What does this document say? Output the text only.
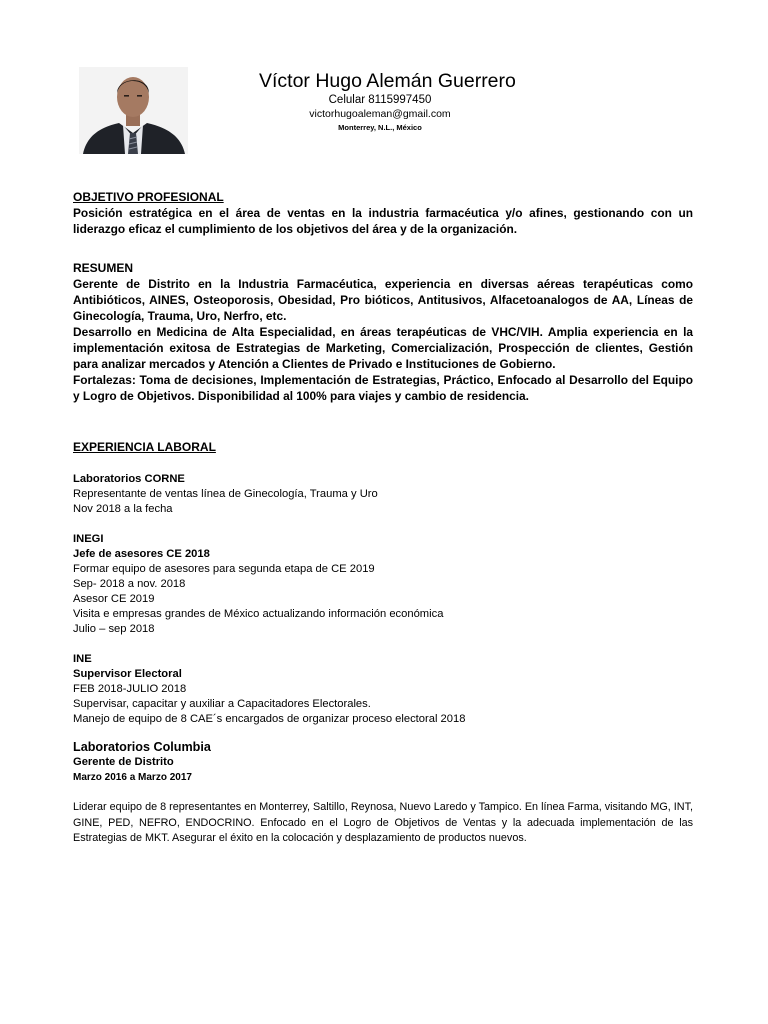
Víctor Hugo Alemán Guerrero
Celular 8115997450
victorhugoaleman@gmail.com
Monterrey, N.L., México
OBJETIVO PROFESIONAL

Posición estratégica en el área de ventas en la industria farmacéutica y/o afines, gestionando con un liderazgo eficaz el cumplimiento de los objetivos del área y de la organización.

RESUMEN

Gerente de Distrito en la Industria Farmacéutica, experiencia en diversas aéreas terapéuticas como Antibióticos, AINES, Osteoporosis, Obesidad, Pro bióticos, Antitusivos, Alfacetoanalogos de AA, Líneas de Ginecología, Trauma, Uro, Nerfro, etc.

Desarrollo en Medicina de Alta Especialidad, en áreas terapéuticas de VHC/VIH. Amplia experiencia en la implementación exitosa de Estrategias de Marketing, Comercialización, Prospección de clientes, Gestión para analizar mercados y Atención a Clientes de Privado e Instituciones de Gobierno.

Fortalezas: Toma de decisiones, Implementación de Estrategias, Práctico, Enfocado al Desarrollo del Equipo y Logro de Objetivos. Disponibilidad al 100% para viajes y cambio de residencia.

EXPERIENCIA LABORAL
Laboratorios CORNE
Representante de ventas línea de Ginecología, Trauma y Uro
Nov 2018 a la fecha
INEGI
Jefe de asesores CE 2018
Formar equipo de asesores para segunda etapa de CE 2019
Sep- 2018 a nov. 2018
Asesor CE 2019
Visita e empresas grandes de México actualizando información económica
Julio – sep 2018
INE
Supervisor Electoral
FEB 2018-JULIO 2018
Supervisar, capacitar y auxiliar a Capacitadores Electorales.
Manejo de equipo de 8 CAE´s encargados de organizar proceso electoral 2018
Laboratorios Columbia
Gerente de Distrito
Marzo 2016 a Marzo 2017

Liderar equipo de 8 representantes en Monterrey, Saltillo, Reynosa, Nuevo Laredo y Tampico. En línea Farma, visitando MG, INT, GINE, PED, NEFRO, ENDOCRINO. Enfocado en el Logro de Objetivos de Ventas y la adecuada implementación de las Estrategias de MKT. Asegurar el éxito en la colocación y desplazamiento de productos nuevos.
